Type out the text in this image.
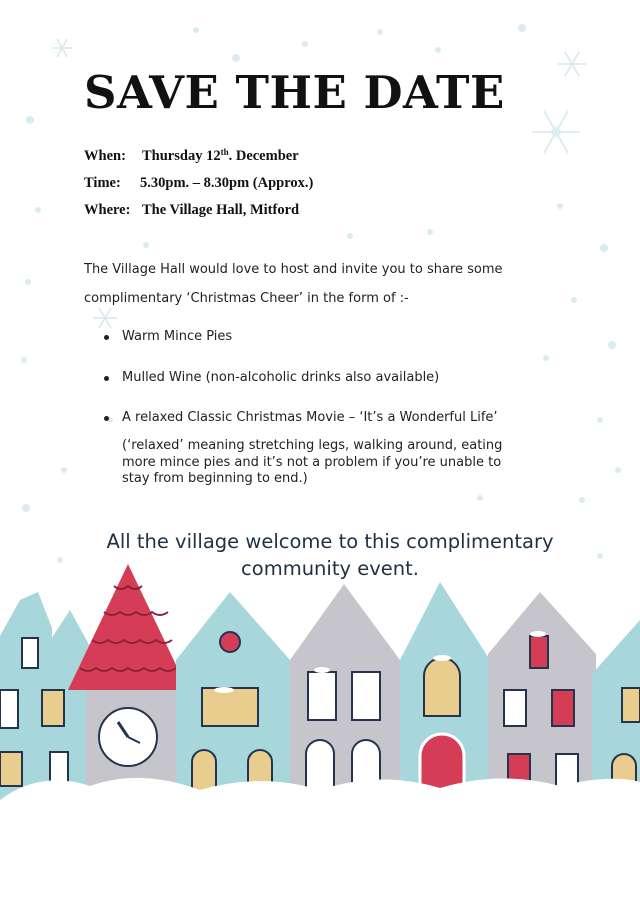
SAVE THE DATE
When: Thursday 12th. December
Time: 5.30pm. – 8.30pm (Approx.)
Where: The Village Hall, Mitford

The Village Hall would love to host and invite you to share some

complimentary ‘Christmas Cheer’ in the form of :-

Warm Mince Pies
Mulled Wine (non-alcoholic drinks also available)
A relaxed Classic Christmas Movie – ‘It’s a Wonderful Life’
(‘relaxed’ meaning stretching legs, walking around, eating
more mince pies and it’s not a problem if you’re unable to
stay from beginning to end.)
All the village welcome to this complimentary
community event.
